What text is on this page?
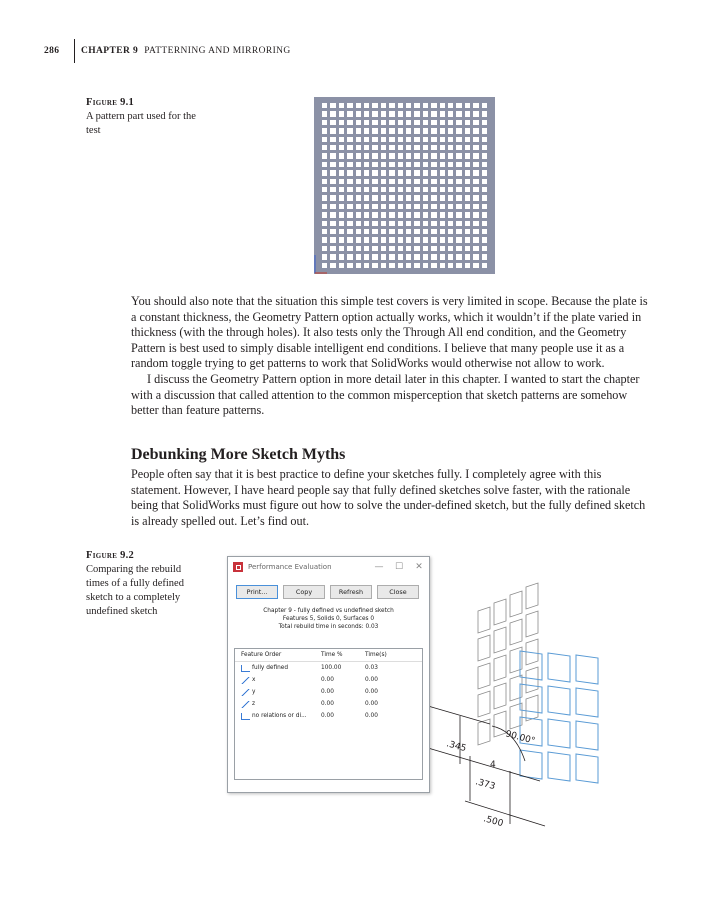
286	CHAPTER 9 PATTERNING AND MIRRORING
Figure 9.1
A pattern part used for the test

You should also note that the situation this simple test covers is very limited in scope. Because the plate is a constant thickness, the Geometry Pattern option actually works, which it wouldn’t if the plate varied in thickness (with the through holes). It also tests only the Through All end condition, and the Geometry Pattern is best used to simply disable intelligent end conditions. I believe that many people use it as a random toggle trying to get patterns to work that SolidWorks would otherwise not allow to work.

I discuss the Geometry Pattern option in more detail later in this chapter. I wanted to start the chapter with a discussion that called attention to the common misperception that sketch patterns are somehow better than feature patterns.

Debunking More Sketch Myths

People often say that it is best practice to define your sketches fully. I completely agree with this statement. However, I have heard people say that fully defined sketches solve faster, with the rationale being that SolidWorks must figure out how to solve the under-defined sketch, but the fully defined sketch is already spelled out. Let’s find out.

Figure 9.2
Comparing the rebuild times of a fully defined sketch to a completely undefined sketch
90.00°
.345
.373
.500
4
Performance Evaluation	—	☐	✕
Print...	Copy	Refresh	Close
Chapter 9 - fully defined vs undefined sketch
Features 5, Solids 0, Surfaces 0
Total rebuild time in seconds: 0.03
Feature Order	Time %	Time(s)
fully defined	100.00	0.03
x	0.00	0.00
y	0.00	0.00
z	0.00	0.00
no relations or di... 0.00	0.00
